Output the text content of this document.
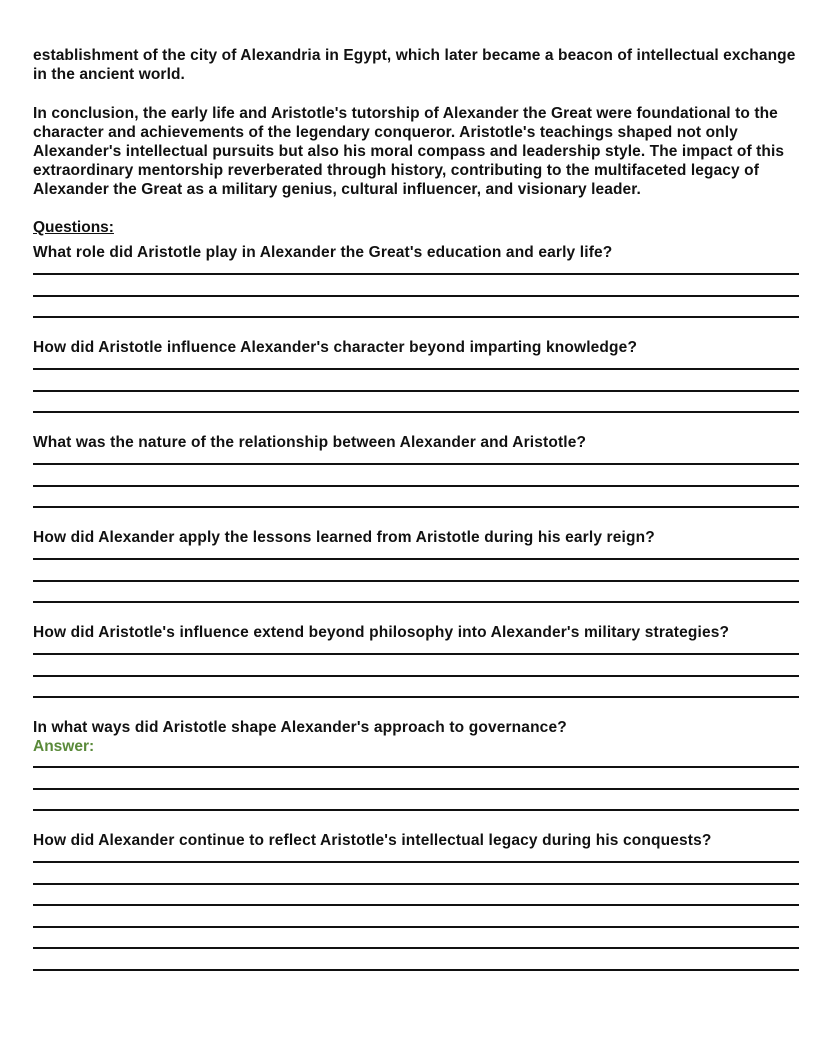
establishment of the city of Alexandria in Egypt, which later became a beacon of intellectual exchange in the ancient world.

In conclusion, the early life and Aristotle's tutorship of Alexander the Great were foundational to the character and achievements of the legendary conqueror. Aristotle's teachings shaped not only Alexander's intellectual pursuits but also his moral compass and leadership style. The impact of this extraordinary mentorship reverberated through history, contributing to the multifaceted legacy of Alexander the Great as a military genius, cultural influencer, and visionary leader.

Questions:
What role did Aristotle play in Alexander the Great's education and early life?
How did Aristotle influence Alexander's character beyond imparting knowledge?
What was the nature of the relationship between Alexander and Aristotle?
How did Alexander apply the lessons learned from Aristotle during his early reign?
How did Aristotle's influence extend beyond philosophy into Alexander's military strategies?
In what ways did Aristotle shape Alexander's approach to governance?
Answer:
How did Alexander continue to reflect Aristotle's intellectual legacy during his conquests?
